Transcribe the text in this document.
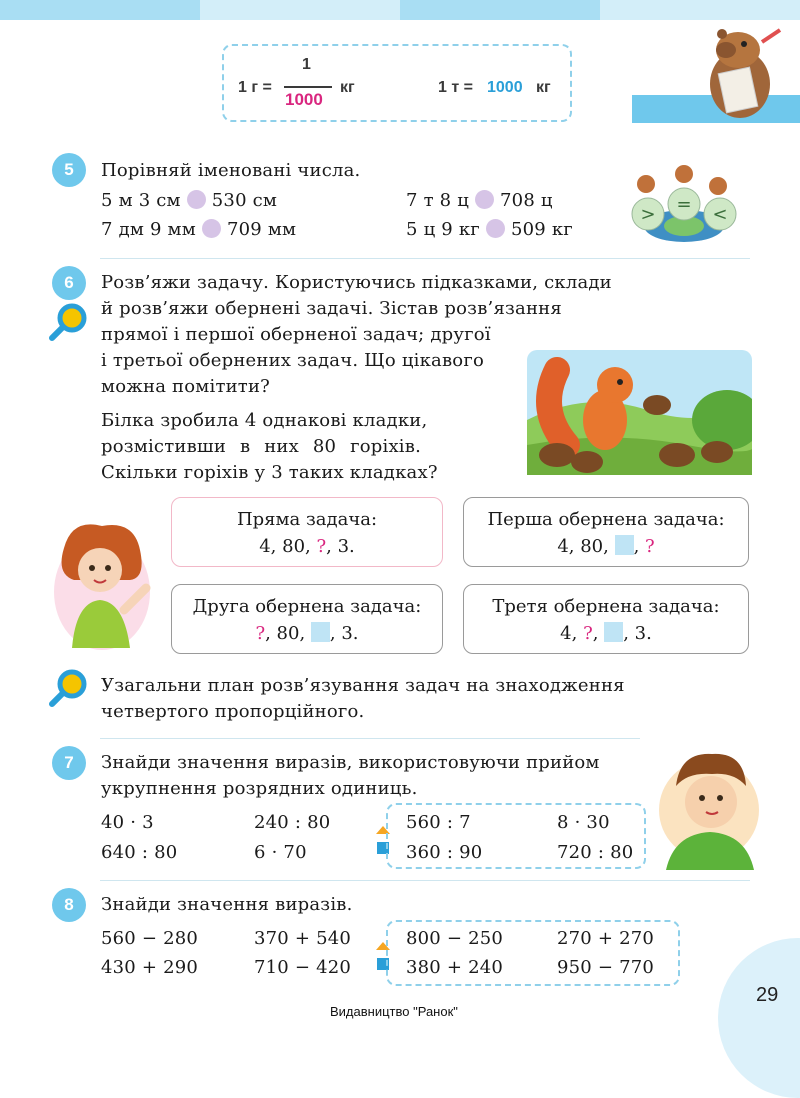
1 г =
1
1000
кг	1 т = 1000 кг
5	Порівняй іменовані числа.
5 м 3 см 530 см	7 т 8 ц 708 ц
7 дм 9 мм 709 мм	5 ц 9 кг 509 кг
> = <
6	Розв’яжи задачу. Користуючись підказками, склади
й розв’яжи обернені задачі. Зістав розв’язання
прямої і першої оберненої задач; другої
і третьої обернених задач. Що цікавого
можна помітити?
Білка зробила 4 однакові кладки,
розмістивши в них 80 горіхів.
Скільки горіхів у 3 таких кладках?
Пряма задача:
4, 80, ?, 3.
Перша обернена задача:
4, 80, , ?
Друга обернена задача:
?, 80, , 3.
Третя обернена задача:
4, ?, , 3.
Узагальни план розв’язування задач на знаходження
четвертого пропорційного.
7	Знайди значення виразів, використовуючи прийом
укрупнення розрядних одиниць.
40 · 3	240 : 80
640 : 80	6 · 70
560 : 7	8 · 30
360 : 90	720 : 80
8	Знайди значення виразів.
560 − 280	370 + 540
430 + 290	710 − 420
800 − 250	270 + 270
380 + 240	950 − 770
29
Видавництво "Ранок"
